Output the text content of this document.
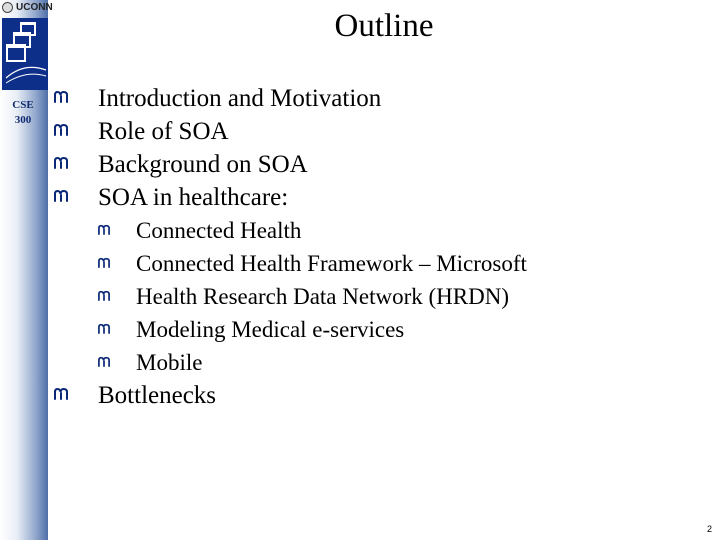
CSE
300
UCONN
Outline
Introduction and Motivation
Role of SOA
Background on SOA
SOA in healthcare:
Connected Health
Connected Health Framework – Microsoft
Health Research Data Network (HRDN)
Modeling Medical e-services
Mobile
Bottlenecks
2
